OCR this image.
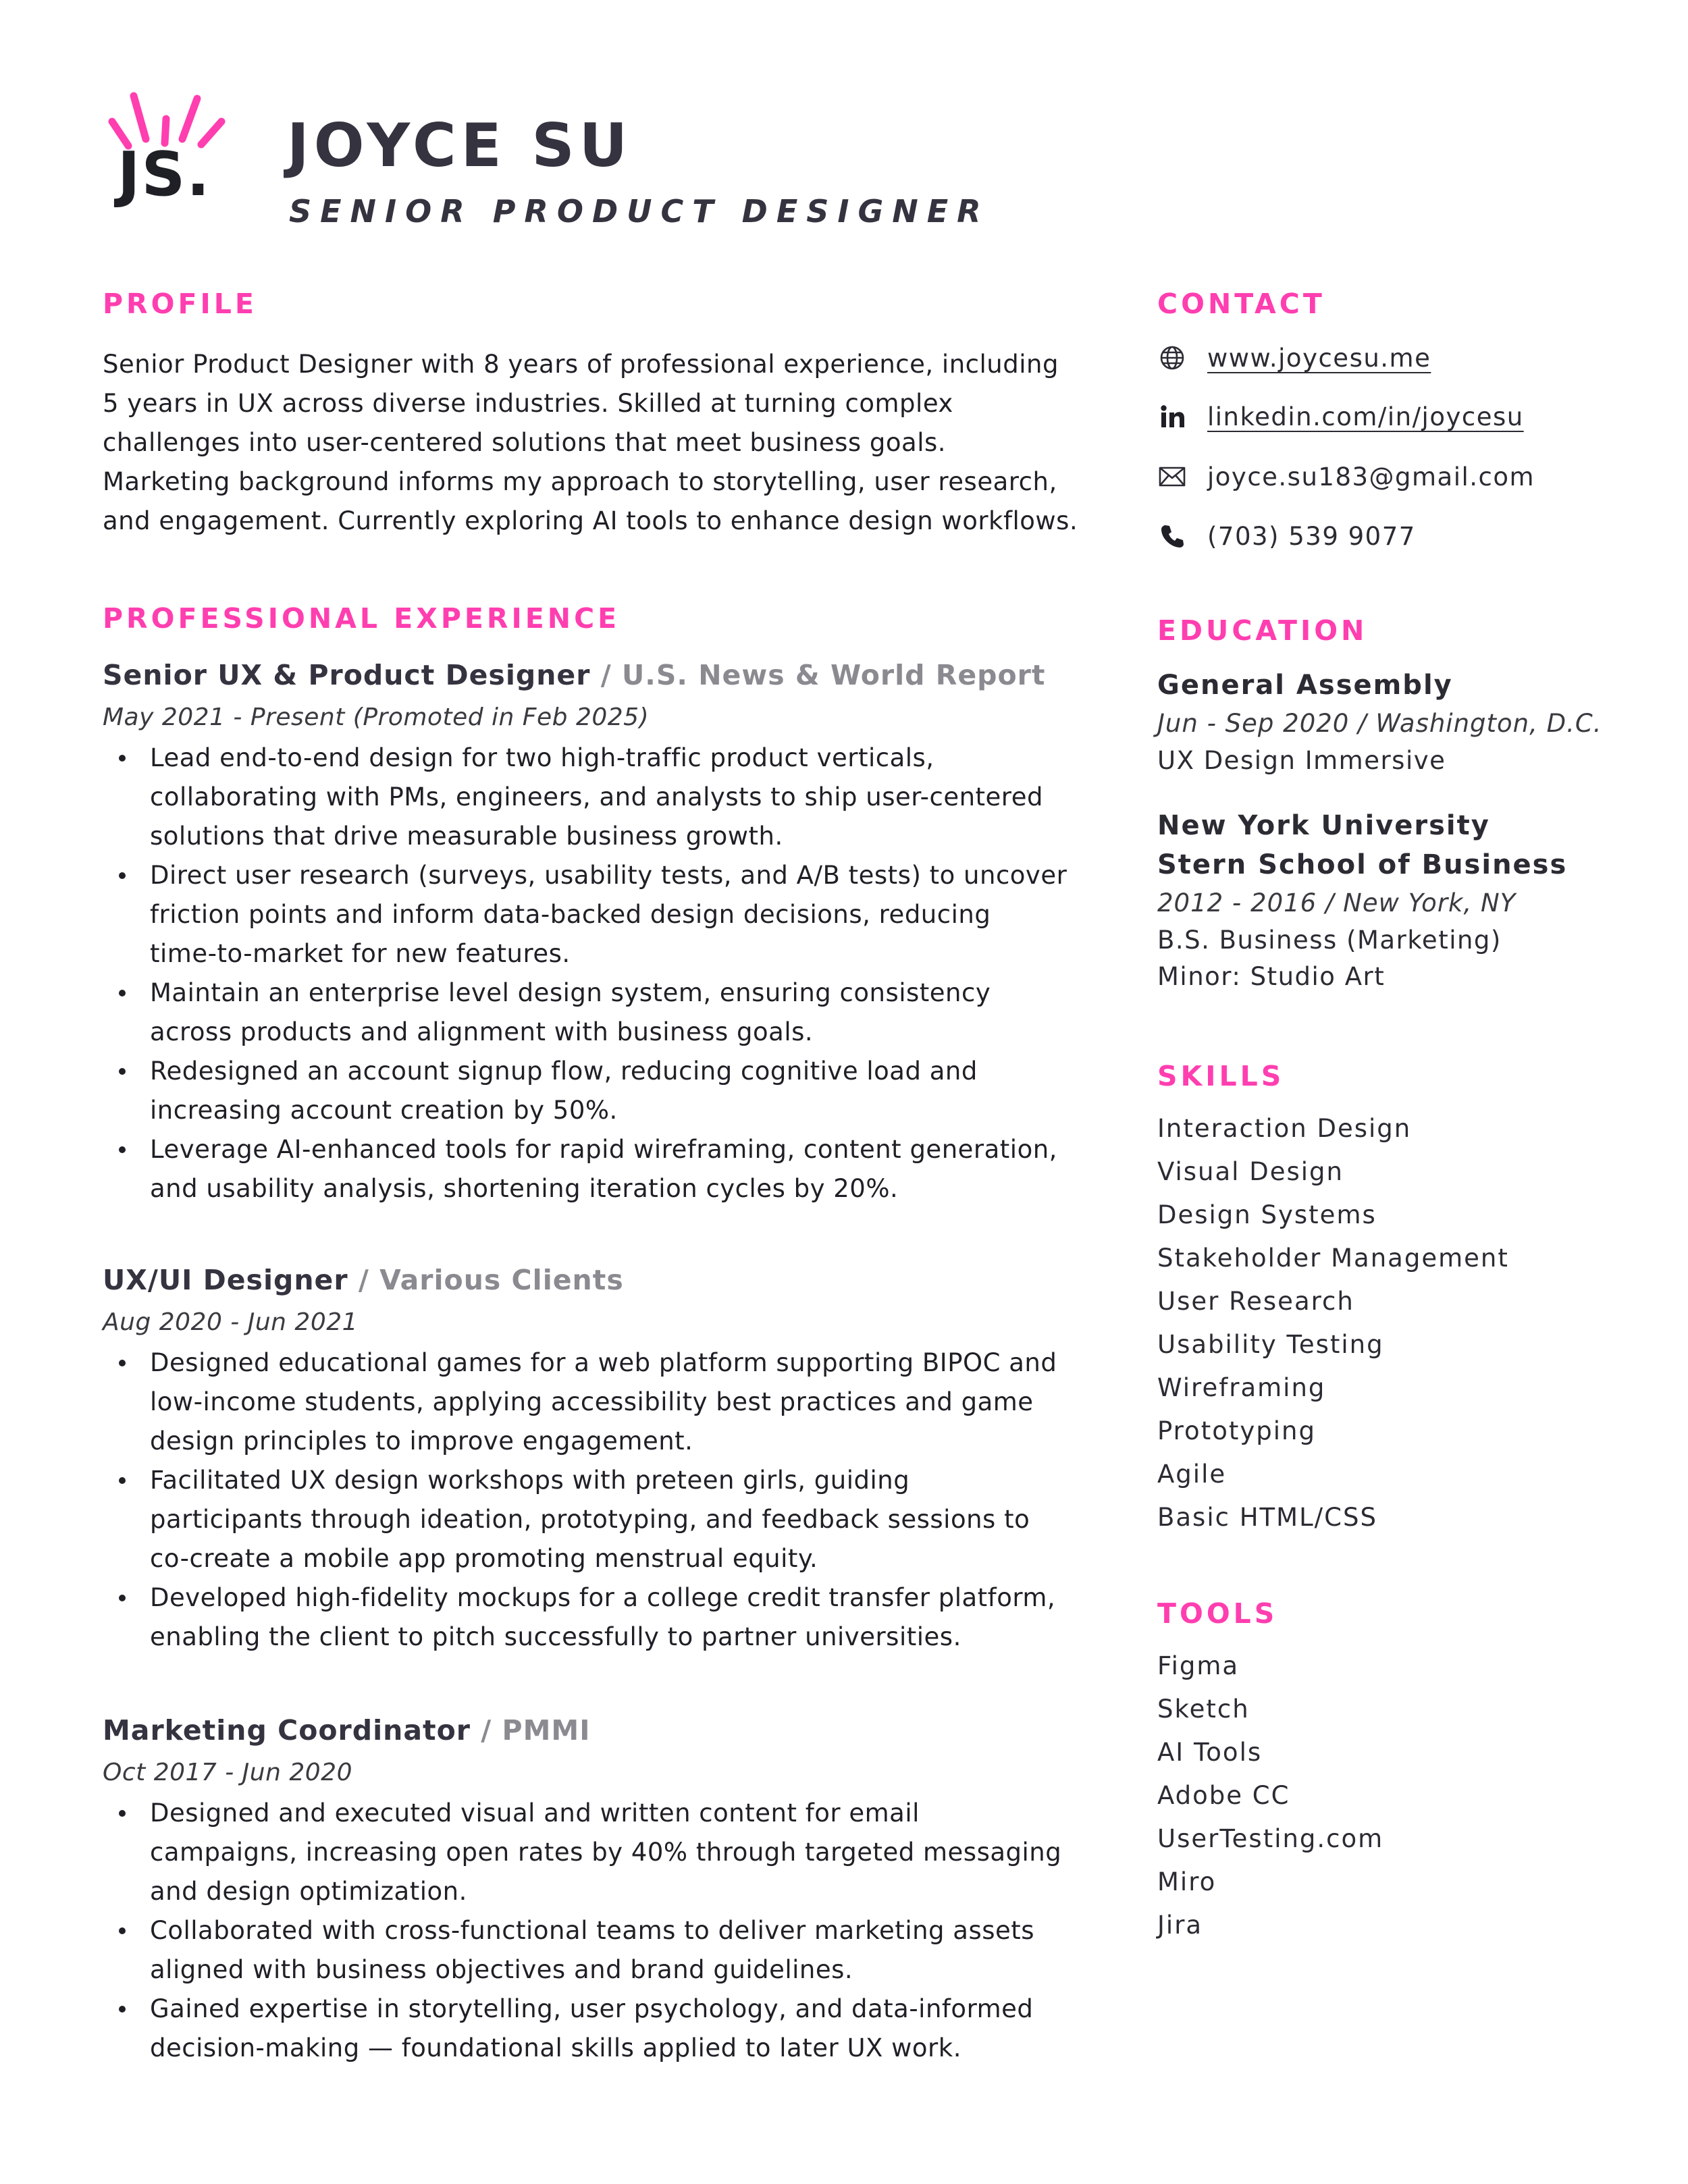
JS. JOYCE SU
SENIOR PRODUCT DESIGNER
PROFILE
Senior Product Designer with 8 years of professional experience, including
5 years in UX across diverse industries. Skilled at turning complex
challenges into user-centered solutions that meet business goals.
Marketing background informs my approach to storytelling, user research,
and engagement. Currently exploring AI tools to enhance design workflows.
PROFESSIONAL EXPERIENCE
Senior UX & Product Designer / U.S. News & World Report
May 2021 - Present (Promoted in Feb 2025)
Lead end-to-end design for two high-traffic product verticals,
collaborating with PMs, engineers, and analysts to ship user-centered
solutions that drive measurable business growth.
Direct user research (surveys, usability tests, and A/B tests) to uncover
friction points and inform data-backed design decisions, reducing
time-to-market for new features.
Maintain an enterprise level design system, ensuring consistency
across products and alignment with business goals.
Redesigned an account signup flow, reducing cognitive load and
increasing account creation by 50%.
Leverage AI-enhanced tools for rapid wireframing, content generation,
and usability analysis, shortening iteration cycles by 20%.
UX/UI Designer / Various Clients
Aug 2020 - Jun 2021
Designed educational games for a web platform supporting BIPOC and
low-income students, applying accessibility best practices and game
design principles to improve engagement.
Facilitated UX design workshops with preteen girls, guiding
participants through ideation, prototyping, and feedback sessions to
co-create a mobile app promoting menstrual equity.
Developed high-fidelity mockups for a college credit transfer platform,
enabling the client to pitch successfully to partner universities.
Marketing Coordinator / PMMI
Oct 2017 - Jun 2020
Designed and executed visual and written content for email
campaigns, increasing open rates by 40% through targeted messaging
and design optimization.
Collaborated with cross-functional teams to deliver marketing assets
aligned with business objectives and brand guidelines.
Gained expertise in storytelling, user psychology, and data-informed
decision-making — foundational skills applied to later UX work.
CONTACT
www.joycesu.me
linkedin.com/in/joycesu
joyce.su183@gmail.com
(703) 539 9077
EDUCATION
General Assembly
Jun - Sep 2020 / Washington, D.C.
UX Design Immersive
New York University
Stern School of Business
2012 - 2016 / New York, NY
B.S. Business (Marketing)
Minor: Studio Art
SKILLS
Interaction Design
Visual Design
Design Systems
Stakeholder Management
User Research
Usability Testing
Wireframing
Prototyping
Agile
Basic HTML/CSS
TOOLS
Figma
Sketch
AI Tools
Adobe CC
UserTesting.com
Miro
Jira
